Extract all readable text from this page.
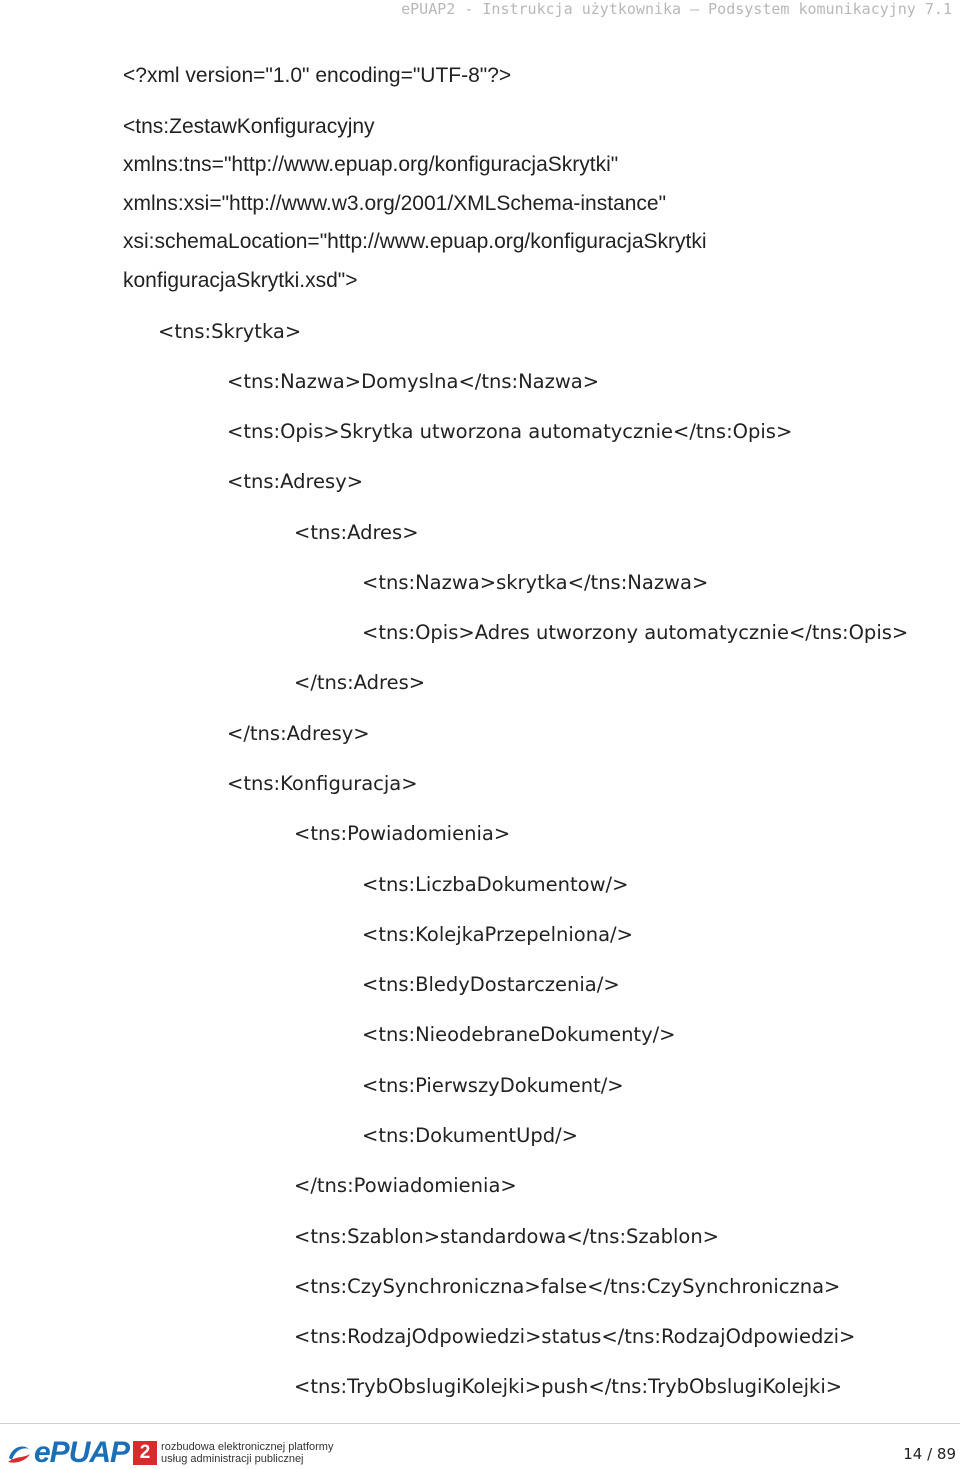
ePUAP2 - Instrukcja użytkownika – Podsystem komunikacyjny 7.1
<?xml version="1.0" encoding="UTF-8"?>
<tns:ZestawKonfiguracyjny
xmlns:tns="http://www.epuap.org/konfiguracjaSkrytki"
xmlns:xsi="http://www.w3.org/2001/XMLSchema-instance"
xsi:schemaLocation="http://www.epuap.org/konfiguracjaSkrytki
konfiguracjaSkrytki.xsd">
<tns:Skrytka>
<tns:Nazwa>Domyslna</tns:Nazwa>
<tns:Opis>Skrytka utworzona automatycznie</tns:Opis>
<tns:Adresy>
<tns:Adres>
<tns:Nazwa>skrytka</tns:Nazwa>
<tns:Opis>Adres utworzony automatycznie</tns:Opis>
</tns:Adres>
</tns:Adresy>
<tns:Konfiguracja>
<tns:Powiadomienia>
<tns:LiczbaDokumentow/>
<tns:KolejkaPrzepelniona/>
<tns:BledyDostarczenia/>
<tns:NieodebraneDokumenty/>
<tns:PierwszyDokument/>
<tns:DokumentUpd/>
</tns:Powiadomienia>
<tns:Szablon>standardowa</tns:Szablon>
<tns:CzySynchroniczna>false</tns:CzySynchroniczna>
<tns:RodzajOdpowiedzi>status</tns:RodzajOdpowiedzi>
<tns:TrybObslugiKolejki>push</tns:TrybObslugiKolejki>
ePUAP 2 rozbudowa elektronicznej platformy
usług administracji publicznej	14 / 89
